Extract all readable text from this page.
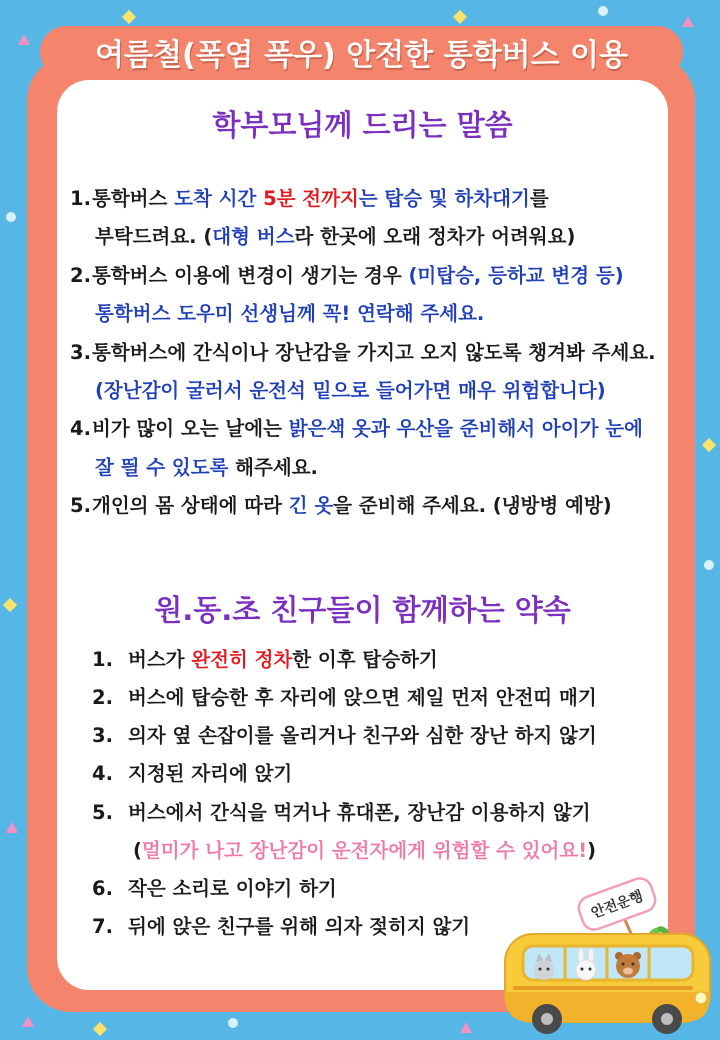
여름철(폭염 폭우) 안전한 통학버스 이용
학부모님께 드리는 말씀
1.통학버스 도착 시간 5분 전까지는 탑승 및 하차대기를
부탁드려요. (대형 버스라 한곳에 오래 정차가 어려워요)
2.통학버스 이용에 변경이 생기는 경우 (미탑승, 등하교 변경 등)
통학버스 도우미 선생님께 꼭! 연락해 주세요.
3.통학버스에 간식이나 장난감을 가지고 오지 않도록 챙겨봐 주세요.
(장난감이 굴러서 운전석 밑으로 들어가면 매우 위험합니다)
4.비가 많이 오는 날에는 밝은색 옷과 우산을 준비해서 아이가 눈에
잘 띌 수 있도록 해주세요.
5.개인의 몸 상태에 따라 긴 옷을 준비해 주세요. (냉방병 예방)
원.동.초 친구들이 함께하는 약속
1. 버스가 완전히 정차한 이후 탑승하기
2. 버스에 탑승한 후 자리에 앉으면 제일 먼저 안전띠 매기
3. 의자 옆 손잡이를 올리거나 친구와 심한 장난 하지 않기
4. 지정된 자리에 앉기
5. 버스에서 간식을 먹거나 휴대폰, 장난감 이용하지 않기
(멀미가 나고 장난감이 운전자에게 위험할 수 있어요!)
6. 작은 소리로 이야기 하기
7. 뒤에 앉은 친구를 위해 의자 젖히지 않기
안전운행
